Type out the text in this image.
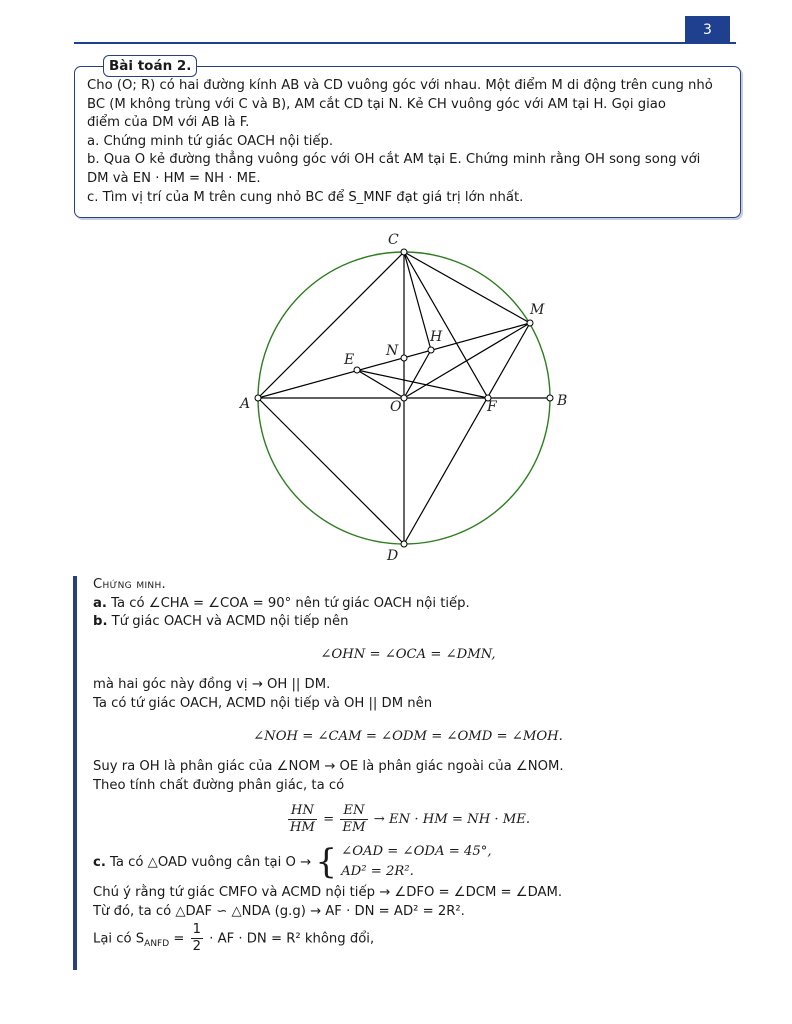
3
Bài toán 2.

Cho (O; R) có hai đường kính AB và CD vuông góc với nhau. Một điểm M di động trên cung nhỏ

BC (M không trùng với C và B), AM cắt CD tại N. Kẻ CH vuông góc với AM tại H. Gọi giao

điểm của DM với AB là F.

a. Chứng minh tứ giác OACH nội tiếp.

b. Qua O kẻ đường thẳng vuông góc với OH cắt AM tại E. Chứng minh rằng OH song song với

DM và EN · HM = NH · ME.

c. Tìm vị trí của M trên cung nhỏ BC để S_MNF đạt giá trị lớn nhất.

C
M
H
N
E
A	O	F	B
D

Chứng minh.

a. Ta có ∠CHA = ∠COA = 90° nên tứ giác OACH nội tiếp.

b. Tứ giác OACH và ACMD nội tiếp nên

∠OHN = ∠OCA = ∠DMN,

mà hai góc này đồng vị → OH || DM.

Ta có tứ giác OACH, ACMD nội tiếp và OH || DM nên

∠NOH = ∠CAM = ∠ODM = ∠OMD = ∠MOH.

Suy ra OH là phân giác của ∠NOM → OE là phân giác ngoài của ∠NOM.

Theo tính chất đường phân giác, ta có

$\frac{HN}{HM} = \frac{EN}{EM}$ → EN · HM = NH · ME.

c. Ta có △OAD vuông cân tại O → { ∠OAD = ∠ODA = 45°,
AD² = 2R².

Chú ý rằng tứ giác CMFO và ACMD nội tiếp → ∠DFO = ∠DCM = ∠DAM.

Từ đó, ta có △DAF ∽ △NDA (g.g) → AF · DN = AD² = 2R².

Lại có $S_{ANFD} = \frac{1}{2}$ · AF · DN = R² không đổi,
